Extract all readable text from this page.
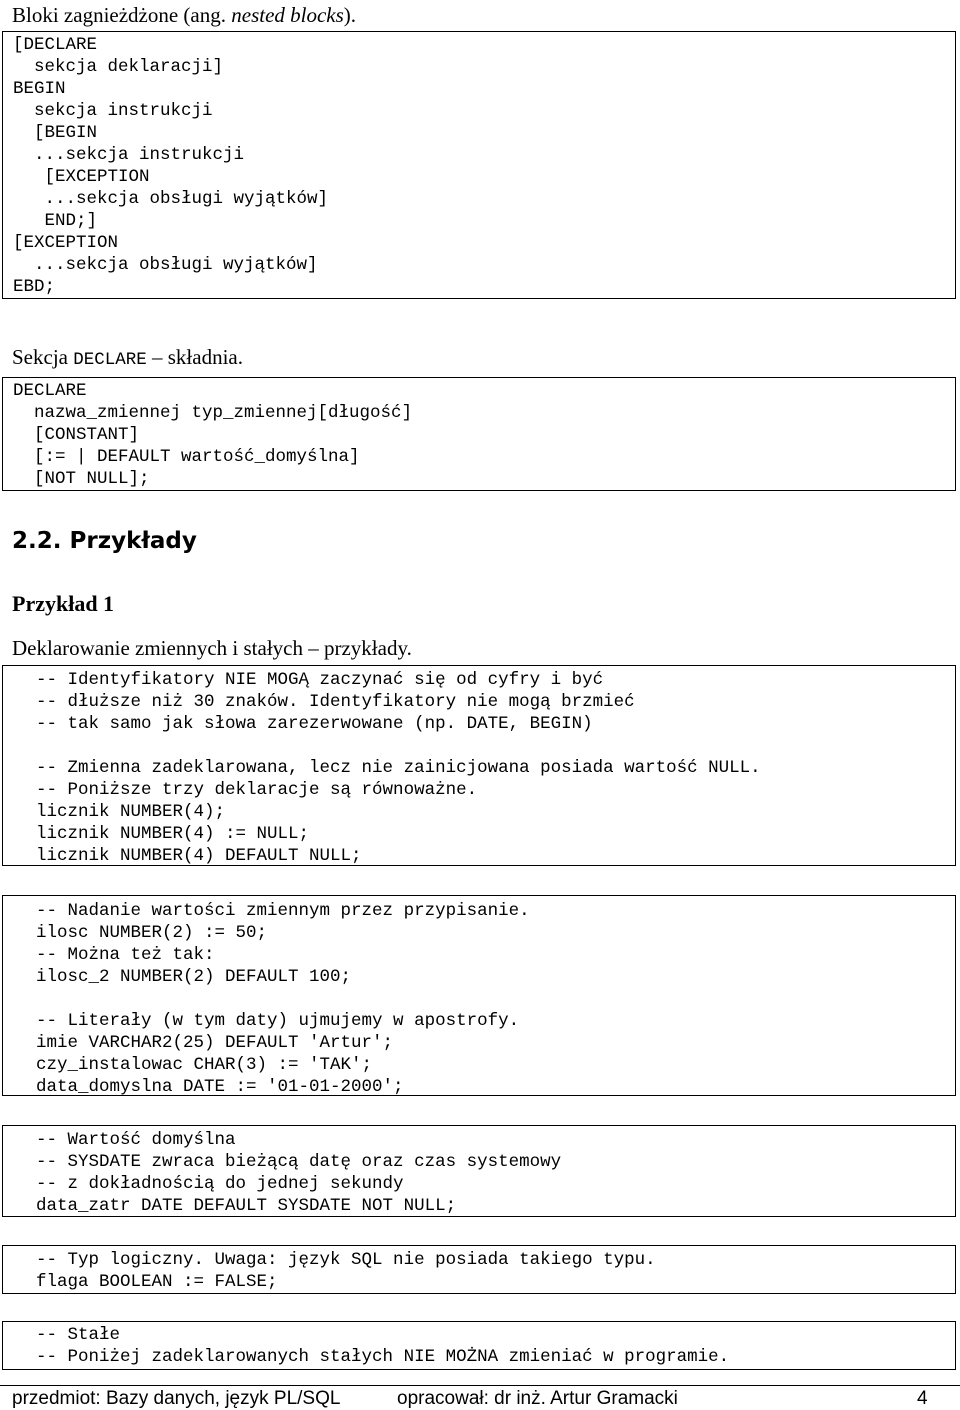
Bloki zagnieżdżone (ang. nested blocks).
[DECLARE
sekcja deklaracji]
BEGIN
sekcja instrukcji
[BEGIN
...sekcja instrukcji
[EXCEPTION
...sekcja obsługi wyjątków]
END;]
[EXCEPTION
...sekcja obsługi wyjątków]
EBD;
Sekcja DECLARE – składnia.
DECLARE
nazwa_zmiennej typ_zmiennej[długość]
[CONSTANT]
[:= | DEFAULT wartość_domyślna]
[NOT NULL];
2.2. Przykłady
Przykład 1
Deklarowanie zmiennych i stałych – przykłady.
-- Identyfikatory NIE MOGĄ zaczynać się od cyfry i być
-- dłuższe niż 30 znaków. Identyfikatory nie mogą brzmieć
-- tak samo jak słowa zarezerwowane (np. DATE, BEGIN)
-- Zmienna zadeklarowana, lecz nie zainicjowana posiada wartość NULL.
-- Poniższe trzy deklaracje są równoważne.
licznik NUMBER(4);
licznik NUMBER(4) := NULL;
licznik NUMBER(4) DEFAULT NULL;
-- Nadanie wartości zmiennym przez przypisanie.
ilosc NUMBER(2) := 50;
-- Można też tak:
ilosc_2 NUMBER(2) DEFAULT 100;
-- Literały (w tym daty) ujmujemy w apostrofy.
imie VARCHAR2(25) DEFAULT 'Artur';
czy_instalowac CHAR(3) := 'TAK';
data_domyslna DATE := '01-01-2000';
-- Wartość domyślna
-- SYSDATE zwraca bieżącą datę oraz czas systemowy
-- z dokładnością do jednej sekundy
data_zatr DATE DEFAULT SYSDATE NOT NULL;
-- Typ logiczny. Uwaga: język SQL nie posiada takiego typu.
flaga BOOLEAN := FALSE;
-- Stałe
-- Poniżej zadeklarowanych stałych NIE MOŻNA zmieniać w programie.
przedmiot: Bazy danych, język PL/SQL	opracował: dr inż. Artur Gramacki	4
